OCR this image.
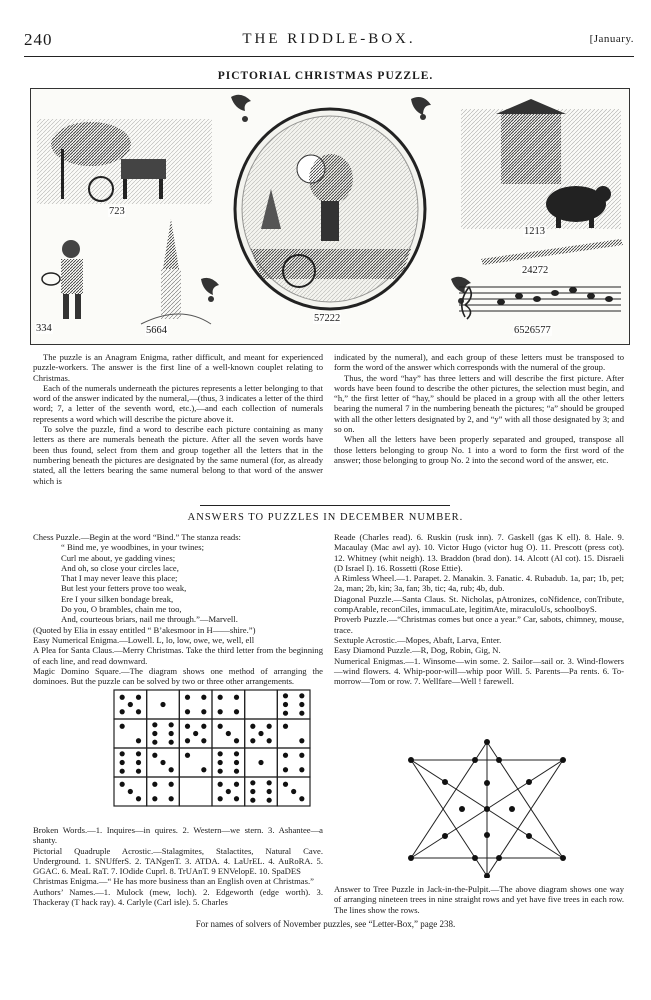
240	THE RIDDLE-BOX.	[January.
PICTORIAL CHRISTMAS PUZZLE.
723
334	5664
57222
1213
24272
6526577

The puzzle is an Anagram Enigma, rather difficult, and meant for experienced puzzle-workers. The answer is the first line of a well-known couplet relating to Christmas.

Each of the numerals underneath the pictures represents a letter belonging to that word of the answer indicated by the numeral,—(thus, 3 indicates a letter of the third word; 7, a letter of the seventh word, etc.),—and each collection of numerals represents a word which will describe the picture above it.

To solve the puzzle, find a word to describe each picture containing as many letters as there are numerals beneath the picture. After all the seven words have been thus found, select from them and group together all the letters that in the numbering beneath the pictures are designated by the same numeral (for, as already stated, all the letters bearing the same numeral belong to that word of the answer which is

indicated by the numeral), and each group of these letters must be transposed to form the word of the answer which corresponds with the numeral of the group.

Thus, the word “hay” has three letters and will describe the first picture. After words have been found to describe the other pictures, the selection must begin, and “h,” the first letter of “hay,” should be placed in a group with all the other letters bearing the numeral 7 in the numbering beneath the pictures; “a” should be grouped with all the other letters designated by 2, and “y” with all those designated by 3; and so on.

When all the letters have been properly separated and grouped, transpose all those letters belonging to group No. 1 into a word to form the first word of the answer; those belonging to group No. 2 into the second word of the answer, etc.

ANSWERS TO PUZZLES IN DECEMBER NUMBER.

Chess Puzzle.—Begin at the word “Bind.” The stanza reads:

“ Bind me, ye woodbines, in your twines;
Curl me about, ye gadding vines;
And oh, so close your circles lace,
That I may never leave this place;
But lest your fetters prove too weak,
Ere I your silken bondage break,
Do you, O brambles, chain me too,
And, courteous briars, nail me through.”—Marvell.

(Quoted by Elia in essay entitled “ B’akesmoor in H——shire.”)

Easy Numerical Enigma.—Lowell. L, lo, low, owe, we, well, ell

A Plea for Santa Claus.—Merry Christmas. Take the third letter from the beginning of each line, and read downward.

Magic Domino Square.—The diagram shows one method of arranging the dominoes. But the puzzle can be solved by two or three other arrangements.

Broken Words.—1. Inquires—in quires. 2. Western—we stern. 3. Ashantee—a shanty.

Pictorial Quadruple Acrostic.—Stalagmites, Stalactites, Natural Cave. Underground. 1. SNUfferS. 2. TANgenT. 3. ATDA. 4. LaUrEL. 4. AuRoRA. 5. GGAC. 6. MeaL RaT. 7. IOdide Cuprl. 8. TrUAnT. 9 ENVelopE. 10. SpaDES

Christmas Enigma.—“ He has more business than an English oven at Christmas.”

Authors’ Names.—1. Mulock (mew, loch). 2. Edgeworth (edge worth). 3. Thackeray (T hack ray). 4. Carlyle (Carl isle). 5. Charles

Reade (Charles read). 6. Ruskin (rusk inn). 7. Gaskell (gas K ell). 8. Hale. 9. Macaulay (Mac awl ay). 10. Victor Hugo (victor hug O). 11. Prescott (press cot). 12. Whitney (whit neigh). 13. Braddon (brad don). 14. Alcott (Al cot). 15. Disraeli (D Israel I). 16. Rossetti (Rose Ettie).

A Rimless Wheel.—1. Parapet. 2. Manakin. 3. Fanatic. 4. Rubadub. 1a, par; 1b, pet; 2a, man; 2b, kin; 3a, fan; 3b, tic; 4a, rub; 4b, dub.

Diagonal Puzzle.—Santa Claus. St. Nicholas, pAtronizes, coNfidence, conTribute, compArable, reconCiles, immacuLate, legitimAte, miraculoUs, schoolboyS.

Proverb Puzzle.—“Christmas comes but once a year.” Car, sabots, chimney, mouse, trace.

Sextuple Acrostic.—Mopes, Abaft, Larva, Enter.

Easy Diamond Puzzle.—R, Dog, Robin, Gig, N.

Numerical Enigmas.—1. Winsome—win some. 2. Sailor—sail or. 3. Wind-flowers—wind flowers. 4. Whip-poor-will—whip poor Will. 5. Parents—Pa rents. 6. To-morrow—Tom or row. 7. Wellfare—Well ! farewell.

Answer to Tree Puzzle in Jack-in-the-Pulpit.—The above diagram shows one way of arranging nineteen trees in nine straight rows and yet have five trees in each row. The lines show the rows.
For names of solvers of November puzzles, see “Letter-Box,” page 238.
